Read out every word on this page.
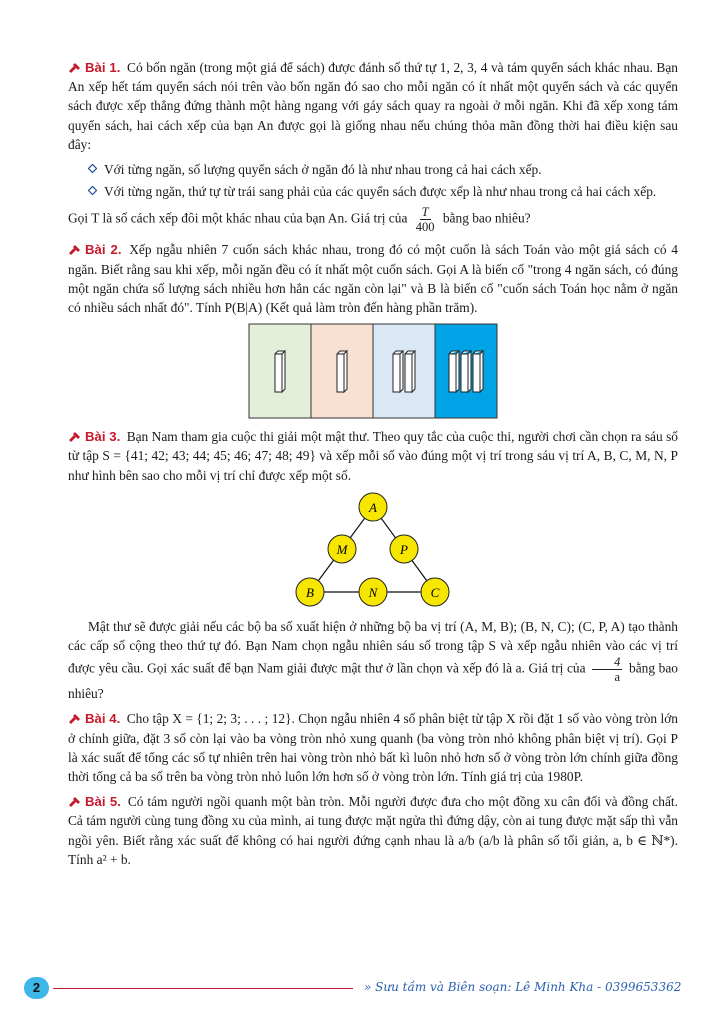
Bài 1. Có bốn ngăn (trong một giá để sách) được đánh số thứ tự 1, 2, 3, 4 và tám quyển sách khác nhau. Bạn An xếp hết tám quyển sách nói trên vào bốn ngăn đó sao cho mỗi ngăn có ít nhất một quyển sách và các quyển sách được xếp thẳng đứng thành một hàng ngang với gáy sách quay ra ngoài ở mỗi ngăn. Khi đã xếp xong tám quyển sách, hai cách xếp của bạn An được gọi là giống nhau nếu chúng thỏa mãn đồng thời hai điều kiện sau đây:

Với từng ngăn, số lượng quyển sách ở ngăn đó là như nhau trong cả hai cách xếp.
Với từng ngăn, thứ tự từ trái sang phải của các quyển sách được xếp là như nhau trong cả hai cách xếp.

Gọi T là số cách xếp đôi một khác nhau của bạn An. Giá trị của $\frac{T}{400}$ bằng bao nhiêu?

Bài 2. Xếp ngẫu nhiên 7 cuốn sách khác nhau, trong đó có một cuốn là sách Toán vào một giá sách có 4 ngăn. Biết rằng sau khi xếp, mỗi ngăn đều có ít nhất một cuốn sách. Gọi A là biến cố "trong 4 ngăn sách, có đúng một ngăn chứa số lượng sách nhiều hơn hẳn các ngăn còn lại" và B là biến cố "cuốn sách Toán học nằm ở ngăn có nhiều sách nhất đó". Tính P(B|A) (Kết quả làm tròn đến hàng phần trăm).

Bài 3. Bạn Nam tham gia cuộc thi giải một mật thư. Theo quy tắc của cuộc thi, người chơi cần chọn ra sáu số từ tập S = {41; 42; 43; 44; 45; 46; 47; 48; 49} và xếp mỗi số vào đúng một vị trí trong sáu vị trí A, B, C, M, N, P như hình bên sao cho mỗi vị trí chỉ được xếp một số.

A
M	P
B	N	C

Mật thư sẽ được giải nếu các bộ ba số xuất hiện ở những bộ ba vị trí (A, M, B); (B, N, C); (C, P, A) tạo thành các cấp số cộng theo thứ tự đó. Bạn Nam chọn ngẫu nhiên sáu số trong tập S và xếp ngẫu nhiên vào các vị trí được yêu cầu. Gọi xác suất để bạn Nam giải được mật thư ở lần chọn và xếp đó là a. Giá trị của $\frac{4}{a}$ bằng bao nhiêu?

Bài 4. Cho tập X = {1; 2; 3; . . . ; 12}. Chọn ngẫu nhiên 4 số phân biệt từ tập X rồi đặt 1 số vào vòng tròn lớn ở chính giữa, đặt 3 số còn lại vào ba vòng tròn nhỏ xung quanh (ba vòng tròn nhỏ không phân biệt vị trí). Gọi P là xác suất để tổng các số tự nhiên trên hai vòng tròn nhỏ bất kì luôn nhỏ hơn số ở vòng tròn lớn chính giữa đồng thời tổng cả ba số trên ba vòng tròn nhỏ luôn lớn hơn số ở vòng tròn lớn. Tính giá trị của 1980P.

Bài 5. Có tám người ngồi quanh một bàn tròn. Mỗi người được đưa cho một đồng xu cân đối và đồng chất. Cả tám người cùng tung đồng xu của mình, ai tung được mặt ngửa thì đứng dậy, còn ai tung được mặt sấp thì vẫn ngồi yên. Biết rằng xác suất để không có hai người đứng cạnh nhau là a/b (a/b là phân số tối giản, a, b ∈ ℕ*). Tính a² + b.

2	» Sưu tầm và Biên soạn: Lê Minh Kha - 0399653362
